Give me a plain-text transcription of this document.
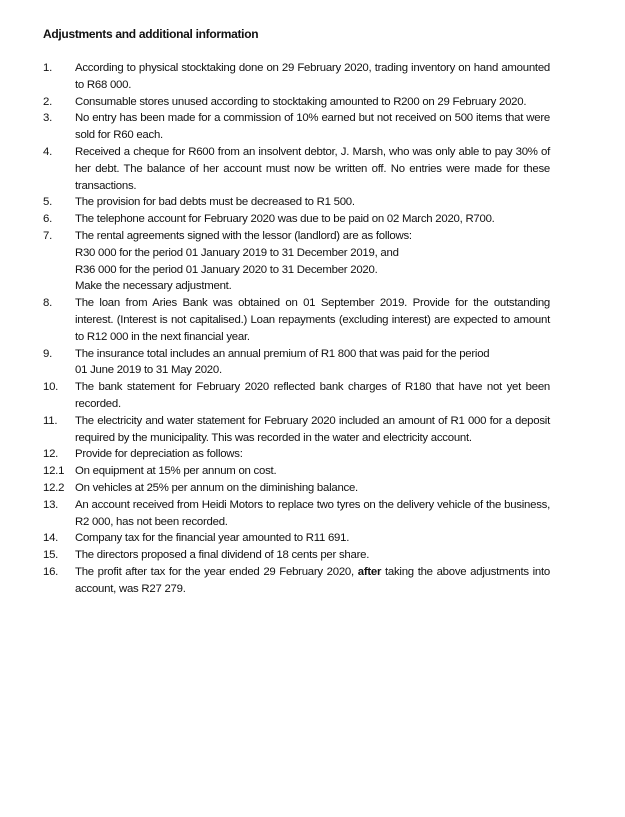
Adjustments and additional information
1. According to physical stocktaking done on 29 February 2020, trading inventory on hand amounted to R68 000.
2. Consumable stores unused according to stocktaking amounted to R200 on 29 February 2020.
3. No entry has been made for a commission of 10% earned but not received on 500 items that were sold for R60 each.
4. Received a cheque for R600 from an insolvent debtor, J. Marsh, who was only able to pay 30% of her debt. The balance of her account must now be written off. No entries were made for these transactions.
5. The provision for bad debts must be decreased to R1 500.
6. The telephone account for February 2020 was due to be paid on 02 March 2020, R700.
7. The rental agreements signed with the lessor (landlord) are as follows:
R30 000 for the period 01 January 2019 to 31 December 2019, and
R36 000 for the period 01 January 2020 to 31 December 2020.
Make the necessary adjustment.
8. The loan from Aries Bank was obtained on 01 September 2019. Provide for the outstanding interest. (Interest is not capitalised.) Loan repayments (excluding interest) are expected to amount to R12 000 in the next financial year.
9. The insurance total includes an annual premium of R1 800 that was paid for the period
01 June 2019 to 31 May 2020.
10. The bank statement for February 2020 reflected bank charges of R180 that have not yet been recorded.
11. The electricity and water statement for February 2020 included an amount of R1 000 for a deposit required by the municipality. This was recorded in the water and electricity account.
12. Provide for depreciation as follows:
12.1 On equipment at 15% per annum on cost.
12.2 On vehicles at 25% per annum on the diminishing balance.
13. An account received from Heidi Motors to replace two tyres on the delivery vehicle of the business, R2 000, has not been recorded.
14. Company tax for the financial year amounted to R11 691.
15. The directors proposed a final dividend of 18 cents per share.
16. The profit after tax for the year ended 29 February 2020, after taking the above adjustments into account, was R27 279.
